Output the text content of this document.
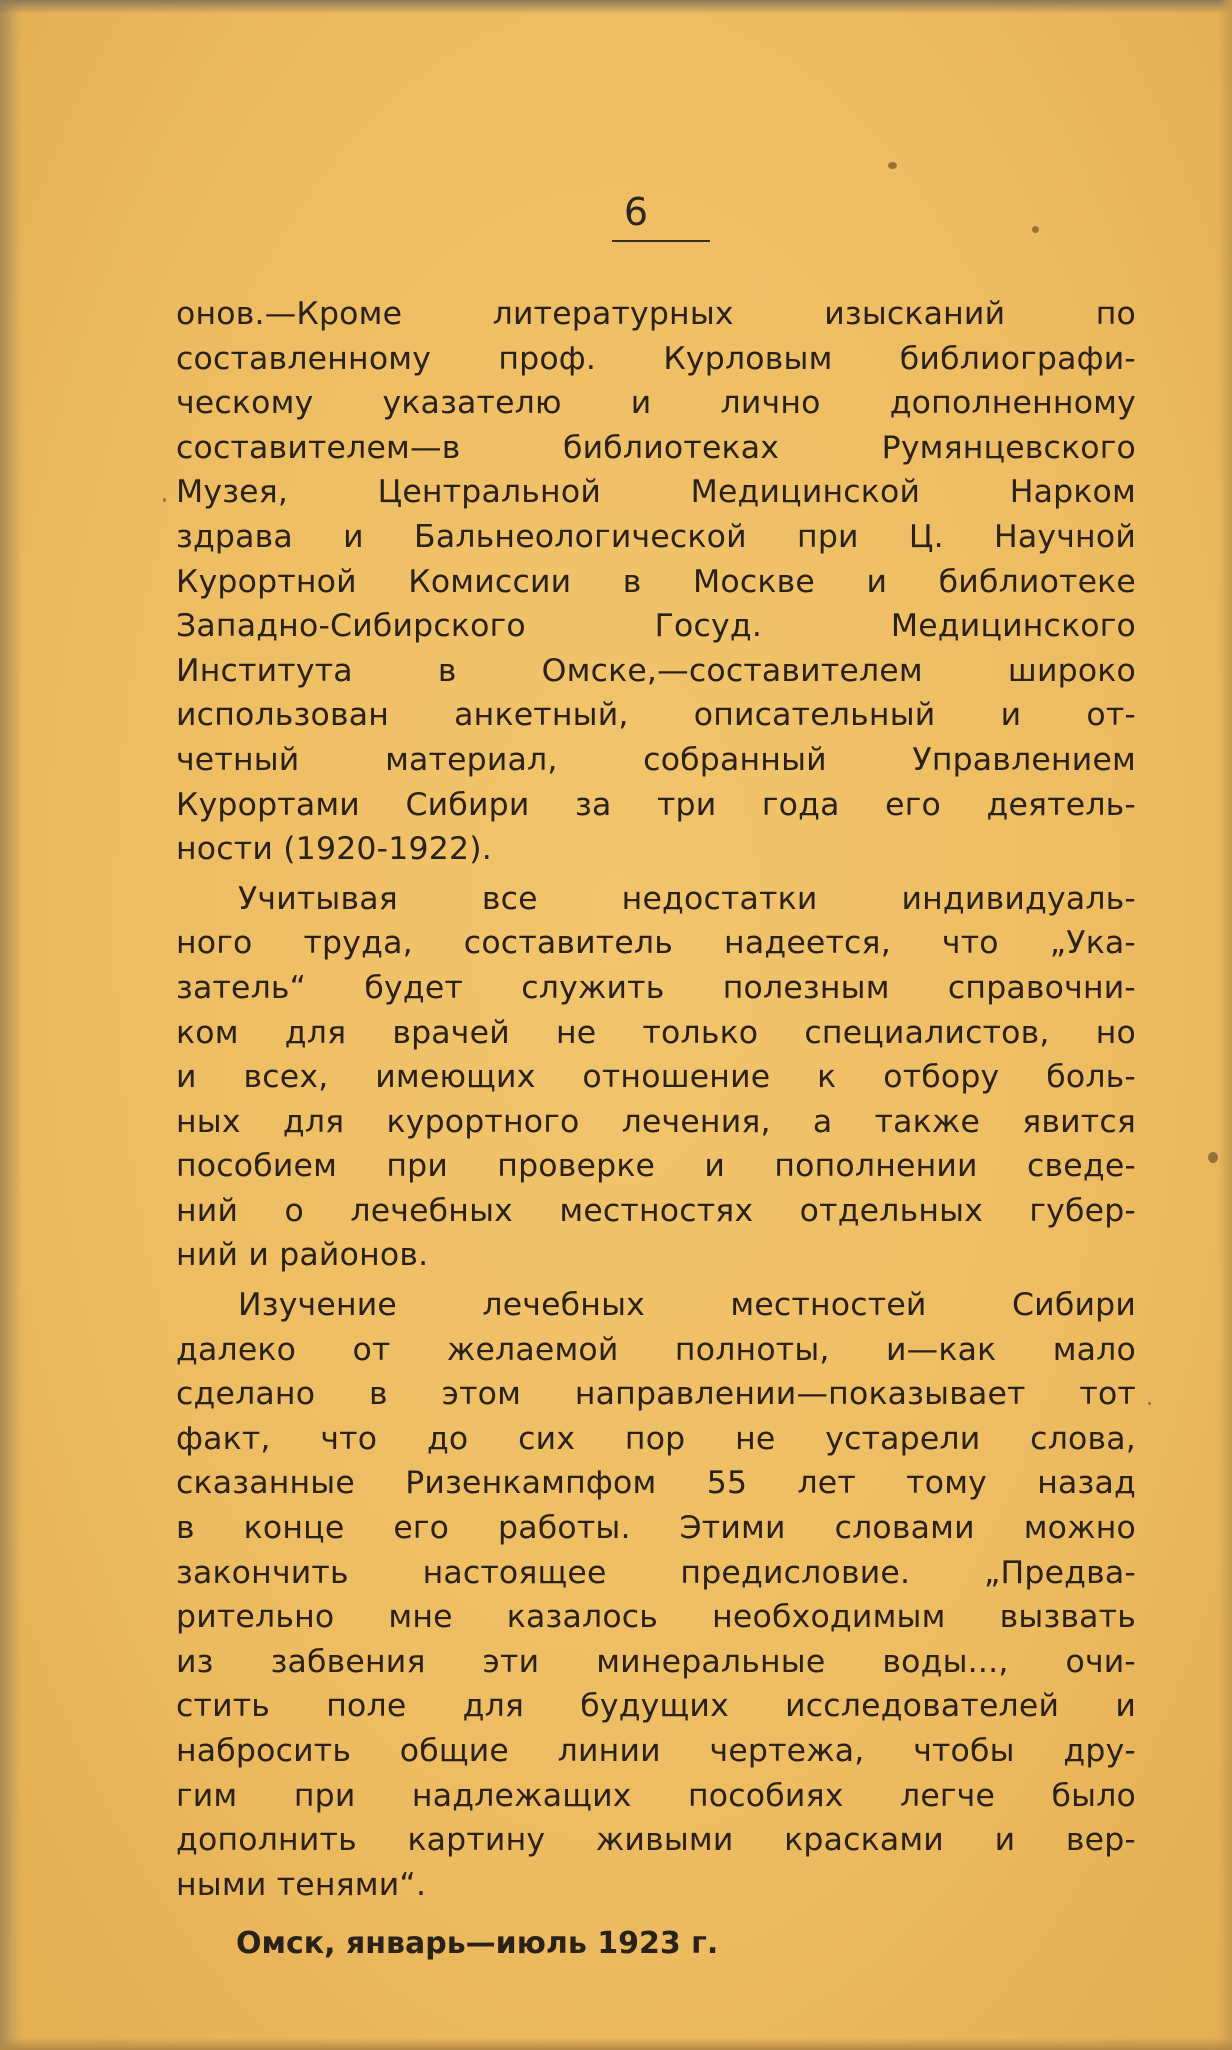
6
онов.—Кроме литературных изысканий по
составленному проф. Курловым библиографи-
ческому указателю и лично дополненному
составителем—в библиотеках Румянцевского
Музея, Центральной Медицинской Нарком
здрава и Бальнеологической при Ц. Научной
Курортной Комиссии в Москве и библиотеке
Западно-Сибирского Госуд. Медицинского
Института в Омске,—составителем широко
использован анкетный, описательный и от-
четный материал, собранный Управлением
Курортами Сибири за три года его деятель-
ности (1920-1922).
Учитывая все недостатки индивидуаль-
ного труда, составитель надеется, что „Ука-
затель“ будет служить полезным справочни-
ком для врачей не только специалистов, но
и всех, имеющих отношение к отбору боль-
ных для курортного лечения, а также явится
пособием при проверке и пополнении сведе-
ний о лечебных местностях отдельных губер-
ний и районов.
Изучение лечебных местностей Сибири
далеко от желаемой полноты, и—как мало
сделано в этом направлении—показывает тот
факт, что до сих пор не устарели слова,
сказанные Ризенкампфом 55 лет тому назад
в конце его работы. Этими словами можно
закончить настоящее предисловие. „Предва-
рительно мне казалось необходимым вызвать
из забвения эти минеральные воды..., очи-
стить поле для будущих исследователей и
набросить общие линии чертежа, чтобы дру-
гим при надлежащих пособиях легче было
дополнить картину живыми красками и вер-
ными тенями“.
Омск, январь—июль 1923 г.
